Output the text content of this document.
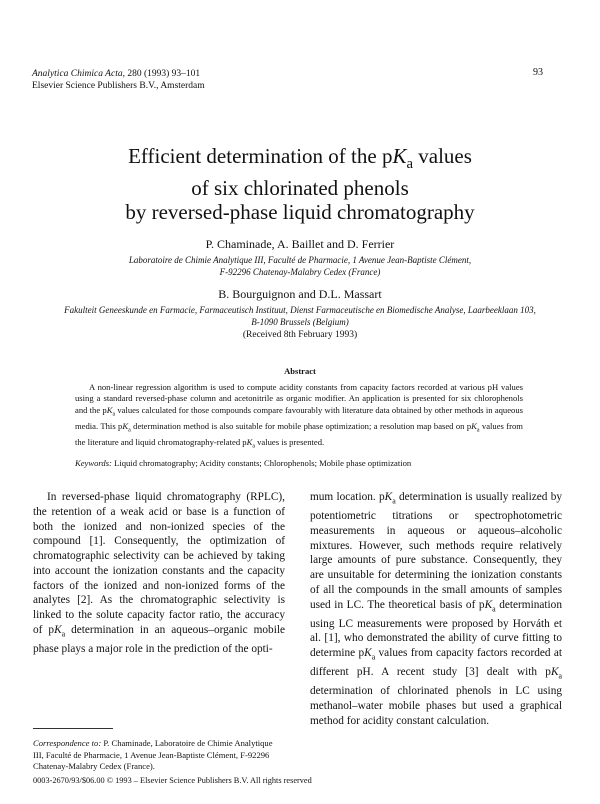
Analytica Chimica Acta, 280 (1993) 93–101
Elsevier Science Publishers B.V., Amsterdam
93
Efficient determination of the $pK_a$ values
of six chlorinated phenols
by reversed-phase liquid chromatography
P. Chaminade, A. Baillet and D. Ferrier
Laboratoire de Chimie Analytique III, Faculté de Pharmacie, 1 Avenue Jean-Baptiste Clément,
F-92296 Chatenay-Malabry Cedex (France)
B. Bourguignon and D.L. Massart
Fakulteit Geneeskunde en Farmacie, Farmaceutisch Instituut, Dienst Farmaceutische en Biomedische Analyse, Laarbeeklaan 103,
B-1090 Brussels (Belgium)
(Received 8th February 1993)
Abstract

A non-linear regression algorithm is used to compute acidity constants from capacity factors recorded at various pH values using a standard reversed-phase column and acetonitrile as organic modifier. An application is presented for six chlorophenols and the $pK_a$ values calculated for those compounds compare favourably with literature data obtained by other methods in aqueous media. This $pK_a$ determination method is also suitable for mobile phase optimization; a resolution map based on $pK_a$ values from the literature and liquid chromatography-related $pK_a$ values is presented.

Keywords: Liquid chromatography; Acidity constants; Chlorophenols; Mobile phase optimization

In reversed-phase liquid chromatography (RPLC), the retention of a weak acid or base is a function of both the ionized and non-ionized species of the compound [1]. Consequently, the optimization of chromatographic selectivity can be achieved by taking into account the ionization constants and the capacity factors of the ionized and non-ionized forms of the analytes [2]. As the chromatographic selectivity is linked to the solute capacity factor ratio, the accuracy of $pK_a$ determination in an aqueous–organic mobile phase plays a major role in the prediction of the opti-

mum location. $pK_a$ determination is usually realized by potentiometric titrations or spectrophotometric measurements in aqueous or aqueous–alcoholic mixtures. However, such methods require relatively large amounts of pure substance. Consequently, they are unsuitable for determining the ionization constants of all the compounds in the small amounts of samples used in LC. The theoretical basis of $pK_a$ determination using LC measurements were proposed by Horváth et al. [1], who demonstrated the ability of curve fitting to determine $pK_a$ values from capacity factors recorded at different pH. A recent study [3] dealt with $pK_a$ determination of chlorinated phenols in LC using methanol–water mobile phases but used a graphical method for acidity constant calculation.

Correspondence to: P. Chaminade, Laboratoire de Chimie Analytique III, Faculté de Pharmacie, 1 Avenue Jean-Baptiste Clément, F-92296 Chatenay-Malabry Cedex (France).
0003-2670/93/$06.00 © 1993 – Elsevier Science Publishers B.V. All rights reserved
